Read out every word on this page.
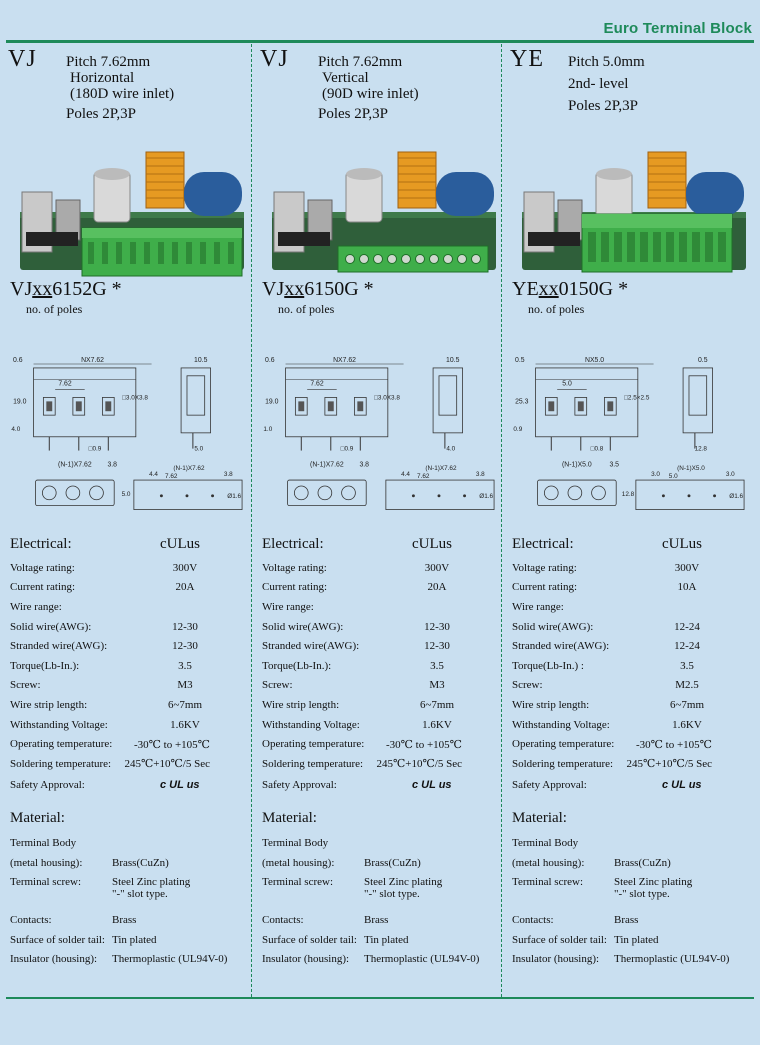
Euro Terminal Block
VJ Pitch 7.62mm
Horizontal
(180D wire inlet)
Poles 2P,3P
VJxx6152G *
no. of poles
0.6	NX7.62	10.5
7.62
□3.0X3.8
19.0
4.0
□0.9
(N-1)X7.62 3.8
5.0
4.4
(N-1)X7.62
7.62	3.8
Ø1.6
5.0
Electrical:	cULus
Voltage rating:	300V
Current rating:	20A
Wire range:
Solid wire(AWG):	12-30
Stranded wire(AWG):	12-30
Torque(Lb-In.):	3.5
Screw:	M3
Wire strip length:	6~7mm
Withstanding Voltage:	1.6KV
Operating temperature:	-30℃ to +105℃
Soldering temperature:	245℃+10℃/5 Sec
Safety Approval:	c UL us
Material:
Terminal Body
(metal housing):	Brass(CuZn)
Terminal screw:	Steel Zinc plating
"-" slot type.
Contacts:	Brass
Surface of solder tail: Tin plated
Insulator (housing):	Thermoplastic (UL94V-0)
VJ Pitch 7.62mm
Vertical
(90D wire inlet)
Poles 2P,3P
VJxx6150G *
no. of poles
0.6	NX7.62	10.5
7.62
□3.0X3.8
19.0
1.0
□0.9
(N-1)X7.62 3.8
4.0
4.4
(N-1)X7.62
7.62	3.8
Ø1.6
Electrical:	cULus
Voltage rating:	300V
Current rating:	20A
Wire range:
Solid wire(AWG):	12-30
Stranded wire(AWG):	12-30
Torque(Lb-In.):	3.5
Screw:	M3
Wire strip length:	6~7mm
Withstanding Voltage:	1.6KV
Operating temperature:	-30℃ to +105℃
Soldering temperature:	245℃+10℃/5 Sec
Safety Approval:	c UL us
Material:
Terminal Body
(metal housing):	Brass(CuZn)
Terminal screw:	Steel Zinc plating
"-" slot type.
Contacts:	Brass
Surface of solder tail: Tin plated
Insulator (housing):	Thermoplastic (UL94V-0)
YE Pitch 5.0mm
2nd- level
Poles 2P,3P
YExx0150G *
no. of poles
0.5	NX5.0	0.5
5.0
□2.5×2.5
25.3
0.9
□0.8
(N-1)X5.0	3.5
12.8
3.0
(N-1)X5.0
5.0	3.0
Ø1.6
12.8
Electrical:	cULus
Voltage rating:	300V
Current rating:	10A
Wire range:
Solid wire(AWG):	12-24
Stranded wire(AWG):	12-24
Torque(Lb-In.) :	3.5
Screw:	M2.5
Wire strip length:	6~7mm
Withstanding Voltage:	1.6KV
Operating temperature:	-30℃ to +105℃
Soldering temperature:	245℃+10℃/5 Sec
Safety Approval:	c UL us
Material:
Terminal Body
(metal housing):	Brass(CuZn)
Terminal screw:	Steel Zinc plating
"-" slot type.
Contacts:	Brass
Surface of solder tail: Tin plated
Insulator (housing):	Thermoplastic (UL94V-0)
